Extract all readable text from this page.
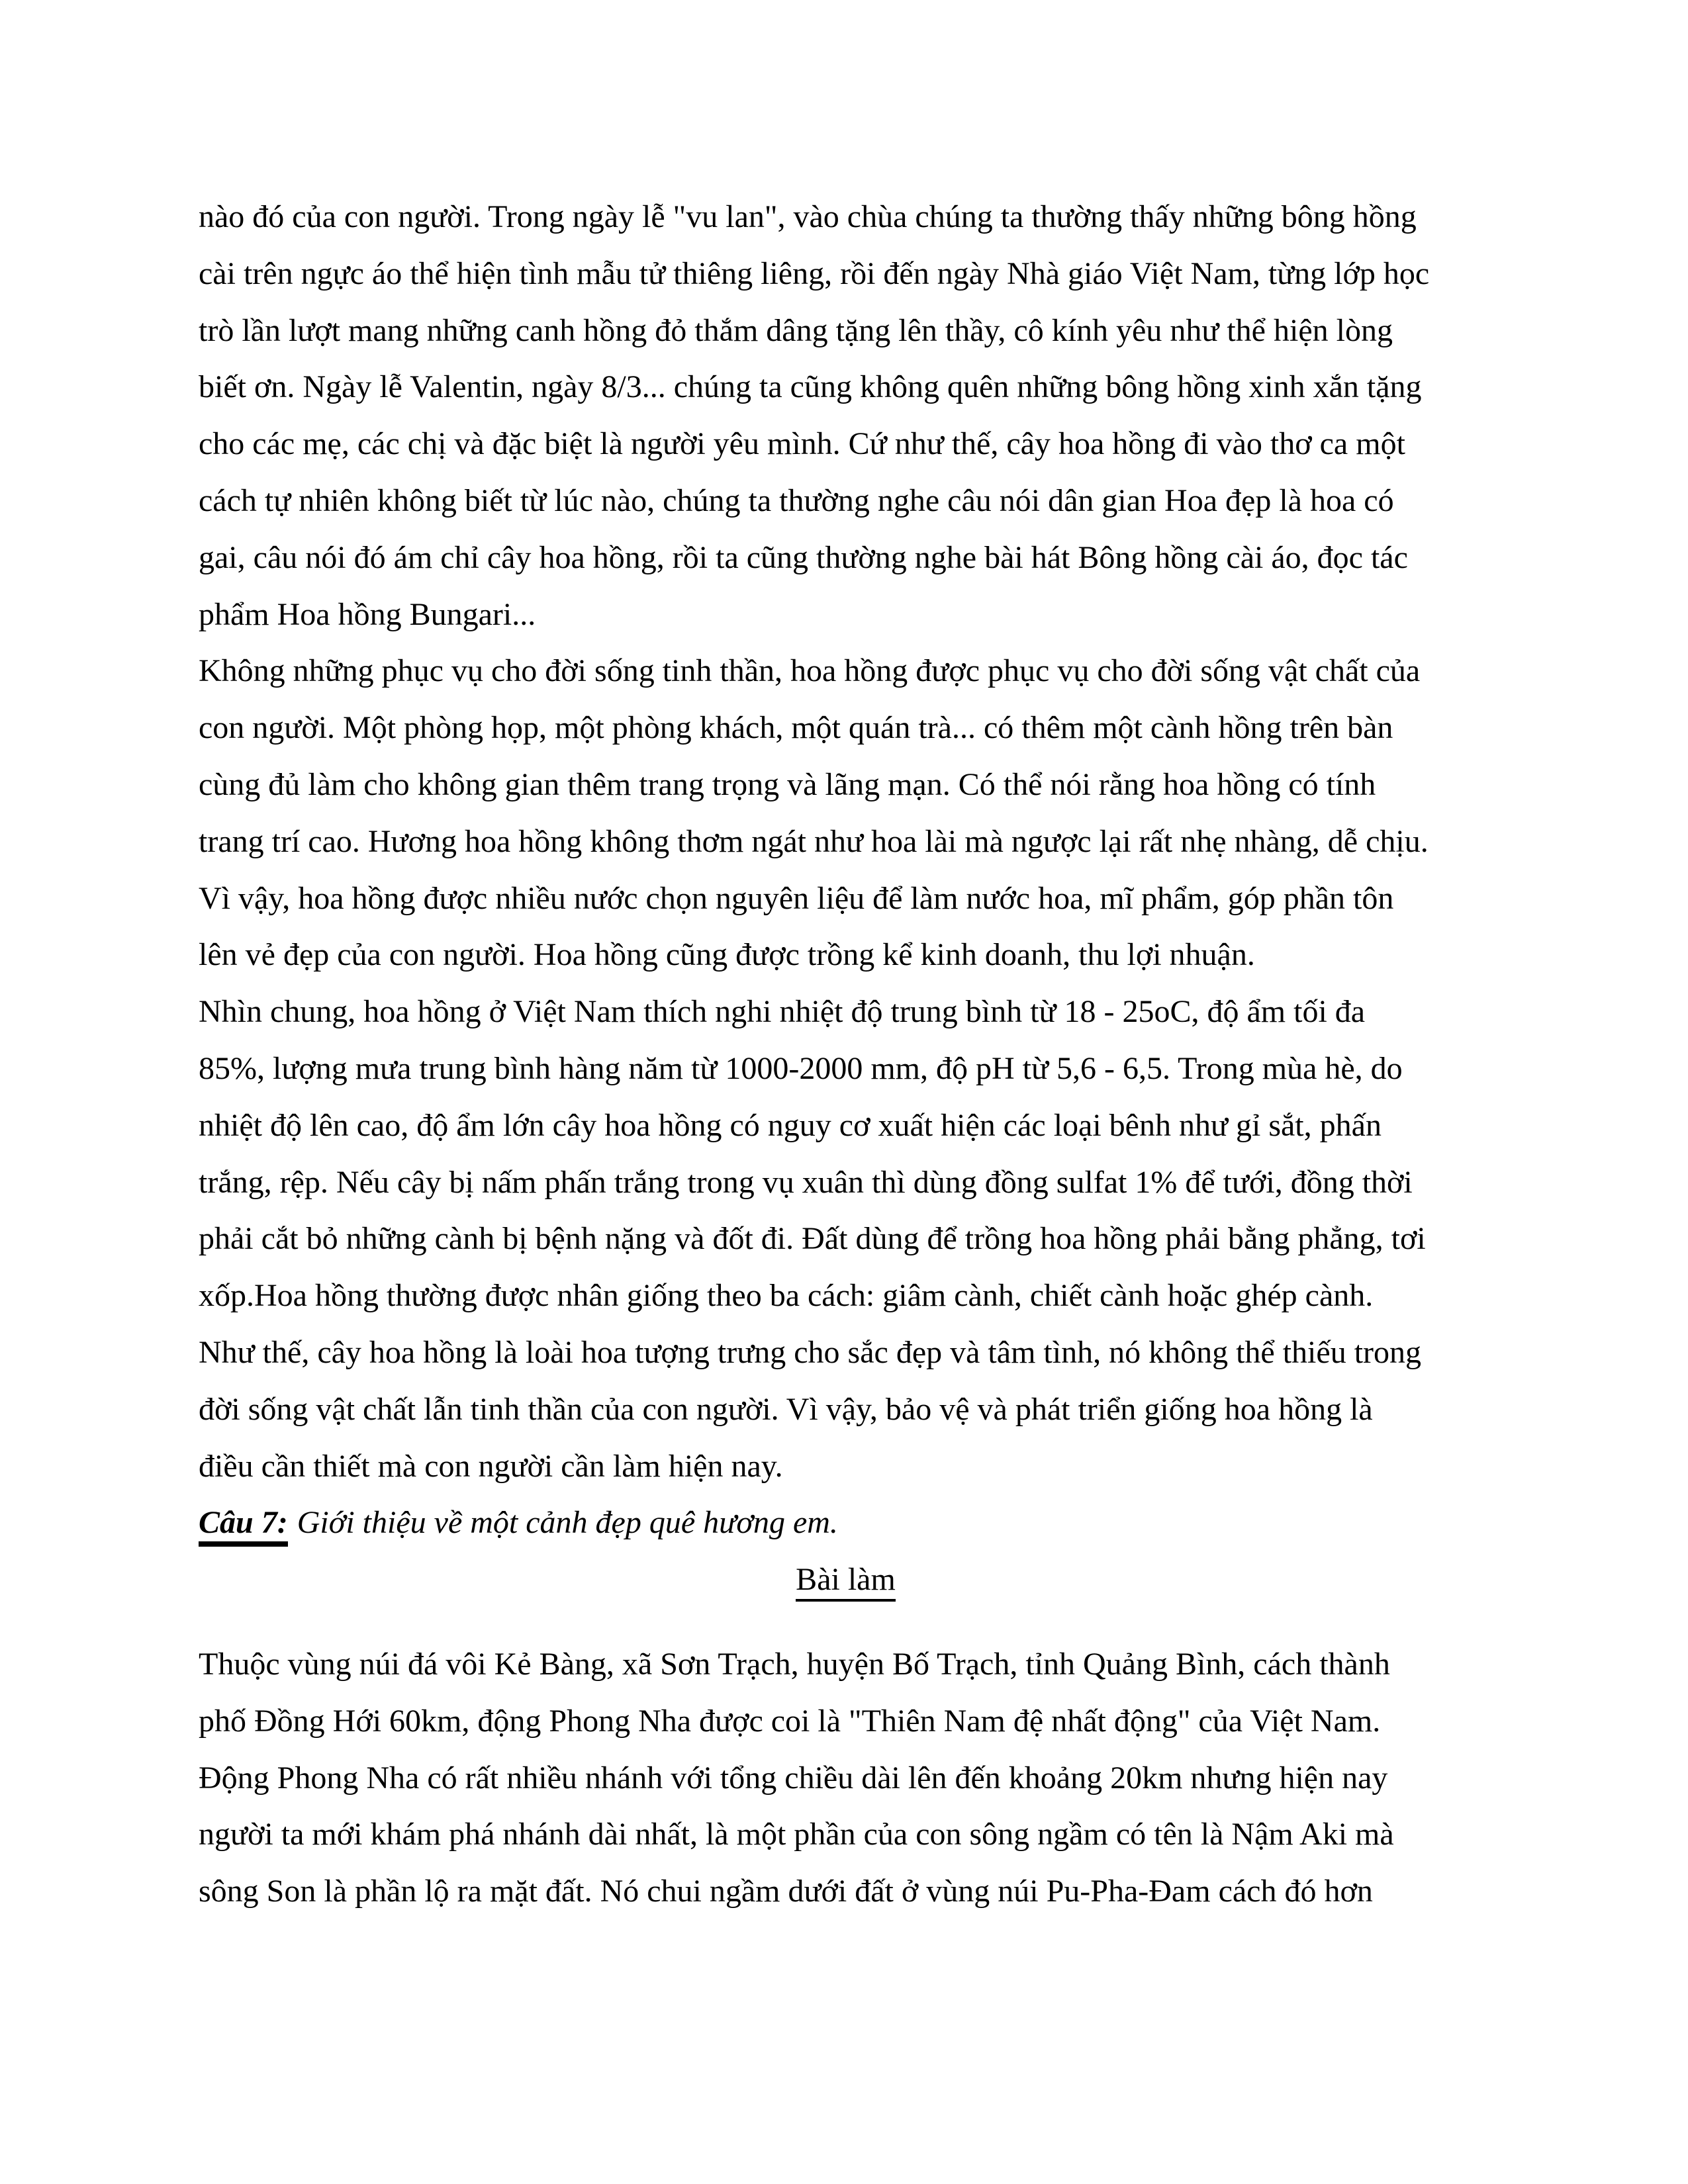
nào đó của con người. Trong ngày lễ "vu lan", vào chùa chúng ta thường thấy những bông hồng
cài trên ngực áo thể hiện tình mẫu tử thiêng liêng, rồi đến ngày Nhà giáo Việt Nam, từng lớp học
trò lần lượt mang những canh hồng đỏ thắm dâng tặng lên thầy, cô kính yêu như thể hiện lòng
biết ơn. Ngày lễ Valentin, ngày 8/3... chúng ta cũng không quên những bông hồng xinh xắn tặng
cho các mẹ, các chị và đặc biệt là người yêu mình. Cứ như thế, cây hoa hồng đi vào thơ ca một
cách tự nhiên không biết từ lúc nào, chúng ta thường nghe câu nói dân gian Hoa đẹp là hoa có
gai, câu nói đó ám chỉ cây hoa hồng, rồi ta cũng thường nghe bài hát Bông hồng cài áo, đọc tác
phẩm Hoa hồng Bungari...
Không những phục vụ cho đời sống tinh thần, hoa hồng được phục vụ cho đời sống vật chất của
con người. Một phòng họp, một phòng khách, một quán trà... có thêm một cành hồng trên bàn
cùng đủ làm cho không gian thêm trang trọng và lãng mạn. Có thể nói rằng hoa hồng có tính
trang trí cao. Hương hoa hồng không thơm ngát như hoa lài mà ngược lại rất nhẹ nhàng, dễ chịu.
Vì vậy, hoa hồng được nhiều nước chọn nguyên liệu để làm nước hoa, mĩ phẩm, góp phần tôn
lên vẻ đẹp của con người. Hoa hồng cũng được trồng kể kinh doanh, thu lợi nhuận.
Nhìn chung, hoa hồng ở Việt Nam thích nghi nhiệt độ trung bình từ 18 - 25oC, độ ẩm tối đa
85%, lượng mưa trung bình hàng năm từ 1000-2000 mm, độ pH từ 5,6 - 6,5. Trong mùa hè, do
nhiệt độ lên cao, độ ẩm lớn cây hoa hồng có nguy cơ xuất hiện các loại bênh như gỉ sắt, phấn
trắng, rệp. Nếu cây bị nấm phấn trắng trong vụ xuân thì dùng đồng sulfat 1% để tưới, đồng thời
phải cắt bỏ những cành bị bệnh nặng và đốt đi. Đất dùng để trồng hoa hồng phải bằng phẳng, tơi
xốp.Hoa hồng thường được nhân giống theo ba cách: giâm cành, chiết cành hoặc ghép cành.
Như thế, cây hoa hồng là loài hoa tượng trưng cho sắc đẹp và tâm tình, nó không thể thiếu trong
đời sống vật chất lẫn tinh thần của con người. Vì vậy, bảo vệ và phát triển giống hoa hồng là
điều cần thiết mà con người cần làm hiện nay.
Câu 7: Giới thiệu về một cảnh đẹp quê hương em.
Bài làm
Thuộc vùng núi đá vôi Kẻ Bàng, xã Sơn Trạch, huyện Bố Trạch, tỉnh Quảng Bình, cách thành
phố Đồng Hới 60km, động Phong Nha được coi là "Thiên Nam đệ nhất động" của Việt Nam.
Động Phong Nha có rất nhiều nhánh với tổng chiều dài lên đến khoảng 20km nhưng hiện nay
người ta mới khám phá nhánh dài nhất, là một phần của con sông ngầm có tên là Nậm Aki mà
sông Son là phần lộ ra mặt đất. Nó chui ngầm dưới đất ở vùng núi Pu-Pha-Đam cách đó hơn
